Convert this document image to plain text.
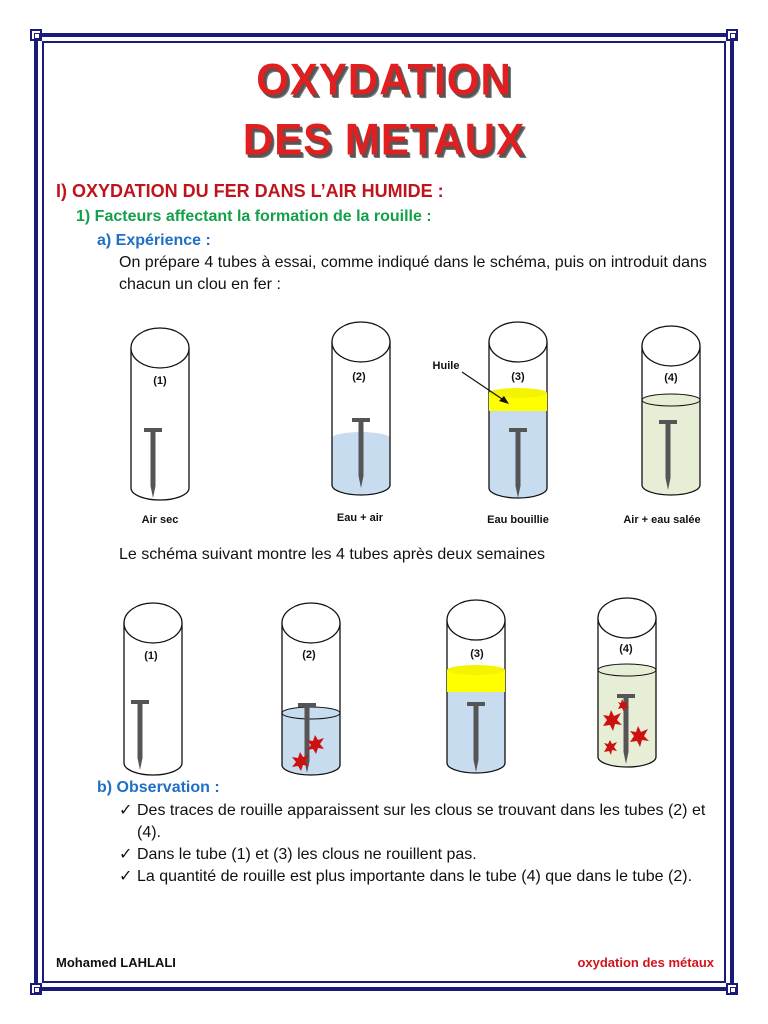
OXYDATION
DES METAUX
I) OXYDATION DU FER DANS L’AIR HUMIDE :
1) Facteurs affectant la formation de la rouille :
a) Expérience :
On prépare 4 tubes à essai, comme indiqué dans le schéma, puis on introduit dans chacun un clou en fer :
(1)	(2)	(3)	(4)
Huile
Air sec	Eau + air	Eau bouillie	Air + eau salée
Le schéma suivant montre les 4 tubes après deux semaines
(1)	(2)	(3)	(4)
b) Observation :
✓ Des traces de rouille apparaissent sur les clous se trouvant dans les tubes (2) et (4).
✓ Dans le tube (1) et (3) les clous ne rouillent pas.
✓ La quantité de rouille est plus importante dans le tube (4) que dans le tube (2).
Mohamed LAHLALI	oxydation des métaux
